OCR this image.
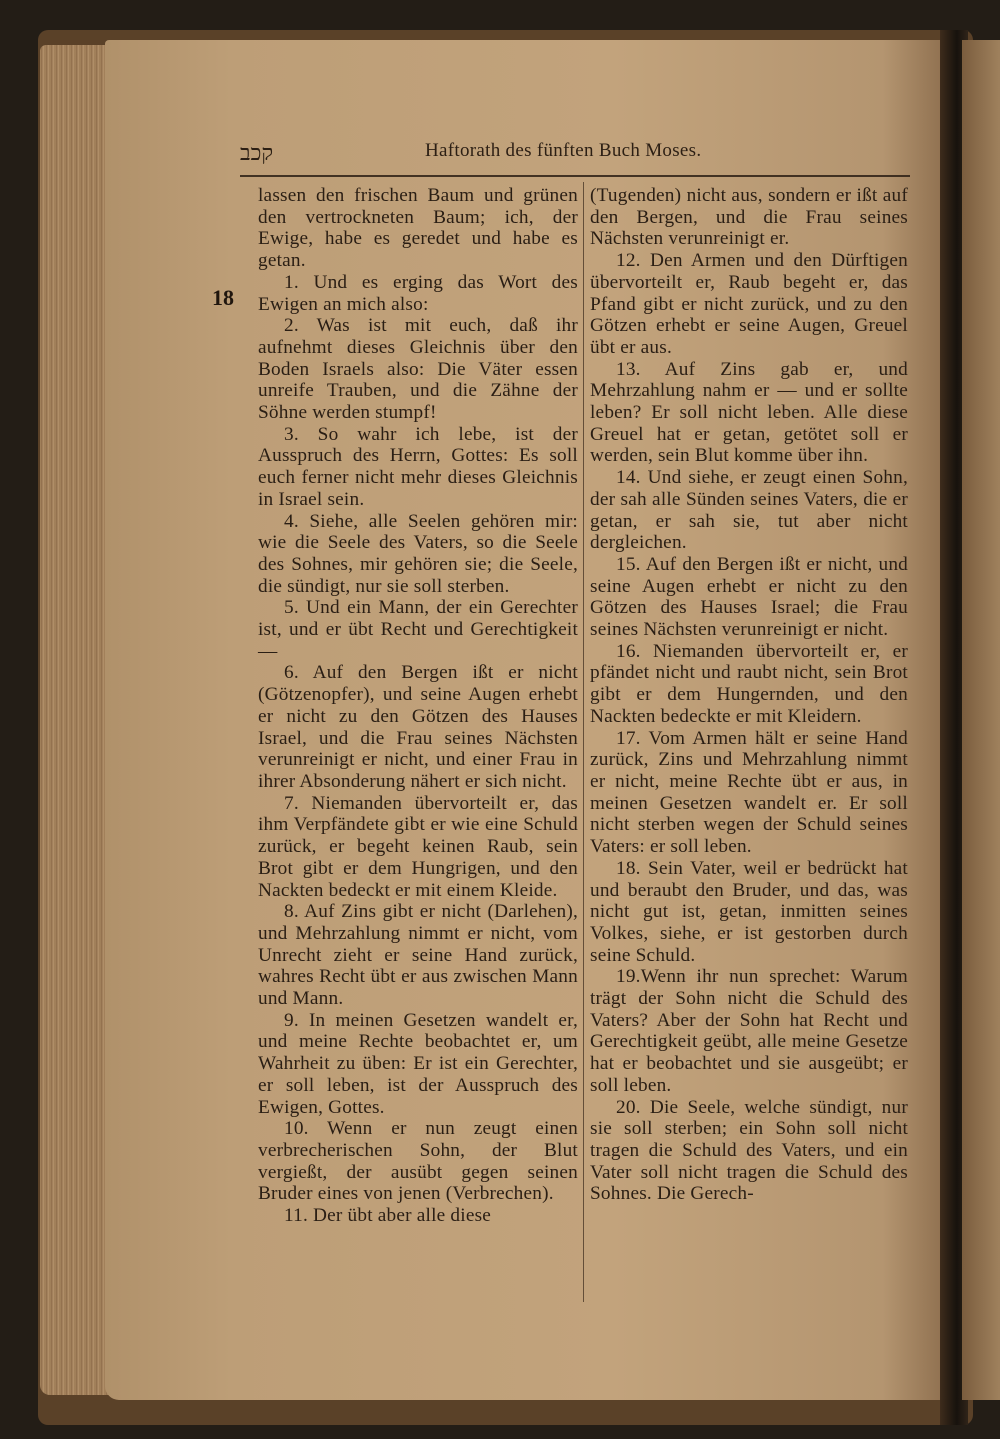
קכב	Haftorath des fünften Buch Moses.
18

lassen den frischen Baum und grünen den vertrockneten Baum; ich, der Ewige, habe es geredet und habe es getan.

1. Und es erging das Wort des Ewigen an mich also:

2. Was ist mit euch, daß ihr aufnehmt dieses Gleichnis über den Boden Israels also: Die Väter essen unreife Trauben, und die Zähne der Söhne werden stumpf!

3. So wahr ich lebe, ist der Ausspruch des Herrn, Gottes: Es soll euch ferner nicht mehr dieses Gleichnis in Israel sein.

4. Siehe, alle Seelen gehören mir: wie die Seele des Vaters, so die Seele des Sohnes, mir gehören sie; die Seele, die sündigt, nur sie soll sterben.

5. Und ein Mann, der ein Gerechter ist, und er übt Recht und Gerechtigkeit —

6. Auf den Bergen ißt er nicht (Götzenopfer), und seine Augen erhebt er nicht zu den Götzen des Hauses Israel, und die Frau seines Nächsten verunreinigt er nicht, und einer Frau in ihrer Absonderung nähert er sich nicht.

7. Niemanden übervorteilt er, das ihm Verpfändete gibt er wie eine Schuld zurück, er begeht keinen Raub, sein Brot gibt er dem Hungrigen, und den Nackten bedeckt er mit einem Kleide.

8. Auf Zins gibt er nicht (Darlehen), und Mehrzahlung nimmt er nicht, vom Unrecht zieht er seine Hand zurück, wahres Recht übt er aus zwischen Mann und Mann.

9. In meinen Gesetzen wandelt er, und meine Rechte beobachtet er, um Wahrheit zu üben: Er ist ein Gerechter, er soll leben, ist der Ausspruch des Ewigen, Gottes.

10. Wenn er nun zeugt einen verbrecherischen Sohn, der Blut vergießt, der ausübt gegen seinen Bruder eines von jenen (Verbrechen).

11. Der übt aber alle diese

(Tugenden) nicht aus, sondern er ißt auf den Bergen, und die Frau seines Nächsten verunreinigt er.

12. Den Armen und den Dürftigen übervorteilt er, Raub begeht er, das Pfand gibt er nicht zurück, und zu den Götzen erhebt er seine Augen, Greuel übt er aus.

13. Auf Zins gab er, und Mehrzahlung nahm er — und er sollte leben? Er soll nicht leben. Alle diese Greuel hat er getan, getötet soll er werden, sein Blut komme über ihn.

14. Und siehe, er zeugt einen Sohn, der sah alle Sünden seines Vaters, die er getan, er sah sie, tut aber nicht dergleichen.

15. Auf den Bergen ißt er nicht, und seine Augen erhebt er nicht zu den Götzen des Hauses Israel; die Frau seines Nächsten verunreinigt er nicht.

16. Niemanden übervorteilt er, er pfändet nicht und raubt nicht, sein Brot gibt er dem Hungernden, und den Nackten bedeckte er mit Kleidern.

17. Vom Armen hält er seine Hand zurück, Zins und Mehrzahlung nimmt er nicht, meine Rechte übt er aus, in meinen Gesetzen wandelt er. Er soll nicht sterben wegen der Schuld seines Vaters: er soll leben.

18. Sein Vater, weil er bedrückt hat und beraubt den Bruder, und das, was nicht gut ist, getan, inmitten seines Volkes, siehe, er ist gestorben durch seine Schuld.

19.Wenn ihr nun sprechet: Warum trägt der Sohn nicht die Schuld des Vaters? Aber der Sohn hat Recht und Gerechtigkeit geübt, alle meine Gesetze hat er beobachtet und sie ausgeübt; er soll leben.

20. Die Seele, welche sündigt, nur sie soll sterben; ein Sohn soll nicht tragen die Schuld des Vaters, und ein Vater soll nicht tragen die Schuld des Sohnes. Die Gerech-
